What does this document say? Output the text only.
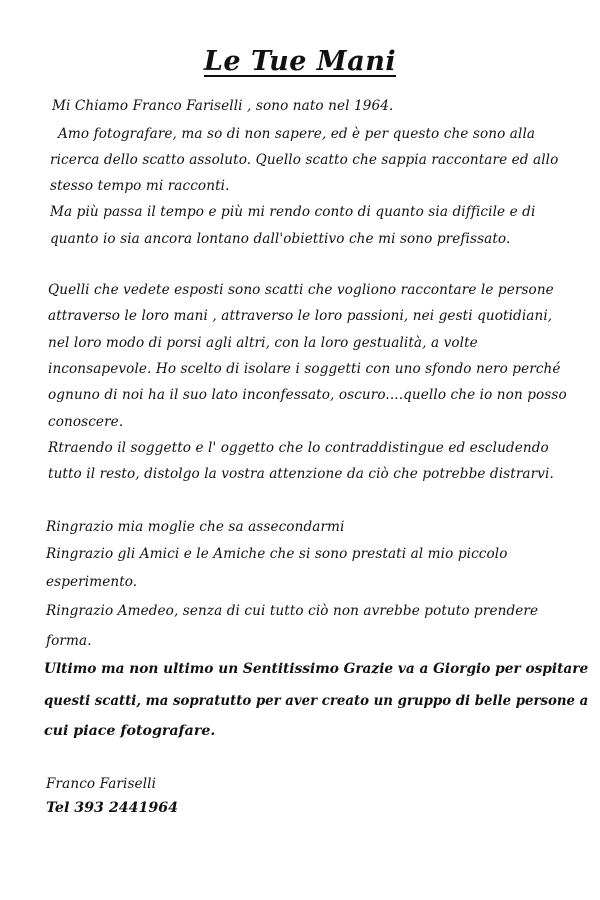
Le Tue Mani
Mi Chiamo Franco Fariselli , sono nato nel 1964.
Amo fotografare, ma so di non sapere, ed è per questo che sono alla
ricerca dello scatto assoluto. Quello scatto che sappia raccontare ed allo
stesso tempo mi racconti.
Ma più passa il tempo e più mi rendo conto di quanto sia difficile e di
quanto io sia ancora lontano dall'obiettivo che mi sono prefissato.
Quelli che vedete esposti sono scatti che vogliono raccontare le persone
attraverso le loro mani , attraverso le loro passioni, nei gesti quotidiani,
nel loro modo di porsi agli altri, con la loro gestualità, a volte
inconsapevole. Ho scelto di isolare i soggetti con uno sfondo nero perché
ognuno di noi ha il suo lato inconfessato, oscuro....quello che io non posso
conoscere.
Rtraendo il soggetto e l' oggetto che lo contraddistingue ed escludendo
tutto il resto, distolgo la vostra attenzione da ciò che potrebbe distrarvi.
Ringrazio mia moglie che sa assecondarmi
Ringrazio gli Amici e le Amiche che si sono prestati al mio piccolo
esperimento.
Ringrazio Amedeo, senza di cui tutto ciò non avrebbe potuto prendere
forma.
Ultimo ma non ultimo un Sentitissimo Grazie va a Giorgio per ospitare
questi scatti, ma sopratutto per aver creato un gruppo di belle persone a
cui piace fotografare.
Franco Fariselli
Tel 393 2441964
